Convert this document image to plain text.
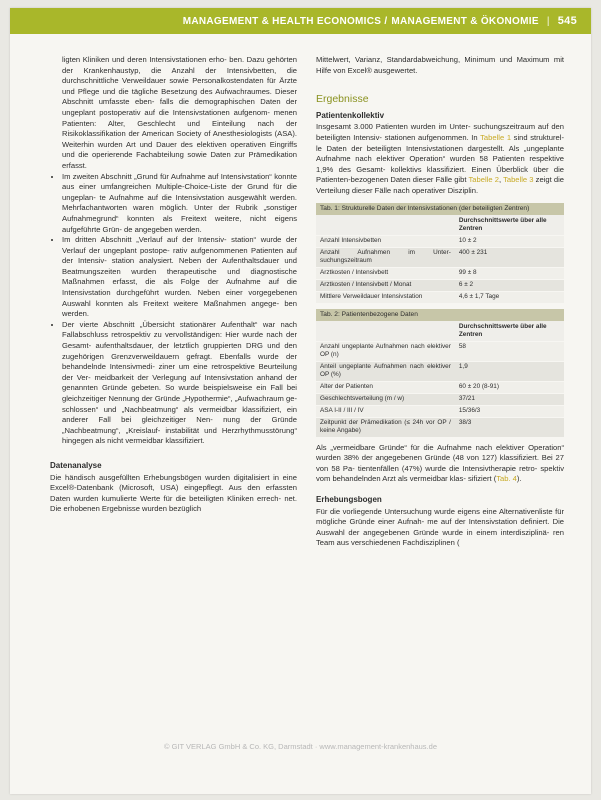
MANAGEMENT & HEALTH ECONOMICS / MANAGEMENT & ÖKONOMIE | 545
ligten Kliniken und deren Intensivstationen erho- ben. Dazu gehörten der Krankenhaustyp, die Anzahl der Intensivbetten, die durchschnittliche Verweildauer sowie Personalkostendaten für Ärzte und Pflege und die tägliche Besetzung des Aufwachraumes. Dieser Abschnitt umfasste eben- falls die demographischen Daten der ungeplant postoperativ auf die Intensivstationen aufgenom- menen Patienten: Alter, Geschlecht und Einteilung nach der Risikoklassifikation der American Society of Anesthesiologists (ASA). Weiterhin wurden Art und Dauer des elektiven operativen Eingriffs und die operierende Fachabteilung sowie Daten zur Prämedikation erfasst.
• Im zweiten Abschnitt „Grund für Aufnahme auf Intensivstation“ konnte aus einer umfangreichen Multiple-Choice-Liste der Grund für die ungeplan- te Aufnahme auf die Intensivstation ausgewählt werden. Mehrfachantworten waren möglich. Unter der Rubrik „sonstiger Aufnahmegrund“ konnten als Freitext weitere, nicht eigens aufgeführte Grün- de angegeben werden.
• Im dritten Abschnitt „Verlauf auf der Intensiv- station“ wurde der Verlauf der ungeplant postope- rativ aufgenommenen Patienten auf der Intensiv- station analysiert. Neben der Aufenthaltsdauer und Beatmungszeiten wurden therapeutische und diagnostische Maßnahmen erfasst, die als Folge der Aufnahme auf die Intensivstation durchgeführt wurden. Neben einer vorgegebenen Auswahl konnten als Freitext weitere Maßnahmen angege- ben werden.
• Der vierte Abschnitt „Übersicht stationärer Aufenthalt“ war nach Fallabschluss retrospektiv zu vervollständigen: Hier wurde nach der Gesamt- aufenthaltsdauer, der letztlich gruppierten DRG und den zugehörigen Grenzverweildauern gefragt. Ebenfalls wurde der behandelnde Intensivmedi- ziner um eine retrospektive Beurteilung der Ver- meidbarkeit der Verlegung auf Intensivstation anhand der genannten Gründe gebeten. So wurde beispielsweise ein Fall bei gleichzeitiger Nennung der Gründe „Hypothermie“, „Aufwachraum ge- schlossen“ und „Nachbeatmung“ als vermeidbar klassifiziert, ein anderer Fall bei gleichzeitiger Nen- nung der Gründe „Nachbeatmung“, „Kreislauf- instabilität und Herzrhythmusstörung“ hingegen als nicht vermeidbar klassifiziert.
Datenanalyse

Die händisch ausgefüllten Erhebungsbögen wurden digitalisiert in eine Excel®-Datenbank (Microsoft, USA) eingepflegt. Aus den erfassten Daten wurden kumulierte Werte für die beteiligten Kliniken errech- net. Die erhobenen Ergebnisse wurden bezüglich

Mittelwert, Varianz, Standardabweichung, Minimum und Maximum mit Hilfe von Excel® ausgewertet.

Ergebnisse
Patientenkollektiv

Insgesamt 3.000 Patienten wurden im Unter- suchungszeitraum auf den beteiligten Intensiv- stationen aufgenommen. In Tabelle 1 sind strukturel- le Daten der beteiligten Intensivstationen dargestellt. Als „ungeplante Aufnahme nach elektiver Operation“ wurden 58 Patienten respektive 1,9% des Gesamt- kollektivs klassifiziert. Einen Überblick über die Patienten-bezogenen Daten dieser Fälle gibt Tabelle 2, Tabelle 3 zeigt die Verteilung dieser Fälle nach operativer Disziplin.

Tab. 1: Strukturelle Daten der Intensivstationen (der beteiligten Zentren)
	Durchschnittswerte über alle Zentren
Anzahl Intensivbetten	10 ± 2
Anzahl Aufnahmen im Unter- suchungszeitraum	400 ± 231
Arztkosten / Intensivbett	99 ± 8
Arztkosten / Intensivbett / Monat	6 ± 2
Mittlere Verweildauer Intensivstation	4,6 ± 1,7 Tage
Tab. 2: Patientenbezogene Daten
	Durchschnittswerte über alle Zentren
Anzahl ungeplante Aufnahmen nach elektiver OP (n)	58
Anteil ungeplante Aufnahmen nach elektiver OP (%)	1,9
Alter der Patienten	60 ± 20 (8-91)
Geschlechtsverteilung (m / w)	37/21
ASA I-II / III / IV	15/36/3
Zeitpunkt der Prämedikation (≤ 24h vor OP / keine Angabe)	38/3

Als „vermeidbare Gründe“ für die Aufnahme nach elektiver Operation“ wurden 38% der angegebenen Gründe (48 von 127) klassifiziert. Bei 27 von 58 Pa- tientenfällen (47%) wurde die Intensivtherapie retro- spektiv vom behandelnden Arzt als vermeidbar klas- sifiziert (Tab. 4).

Erhebungsbogen

Für die vorliegende Untersuchung wurde eigens eine Alternativenliste für mögliche Gründe einer Aufnah- me auf der Intensivstation definiert. Die Auswahl der angegebenen Gründe wurde in einem interdisziplinä- ren Team aus verschiedenen Fachdisziplinen (

© GIT VERLAG GmbH & Co. KG, Darmstadt · www.management-krankenhaus.de
